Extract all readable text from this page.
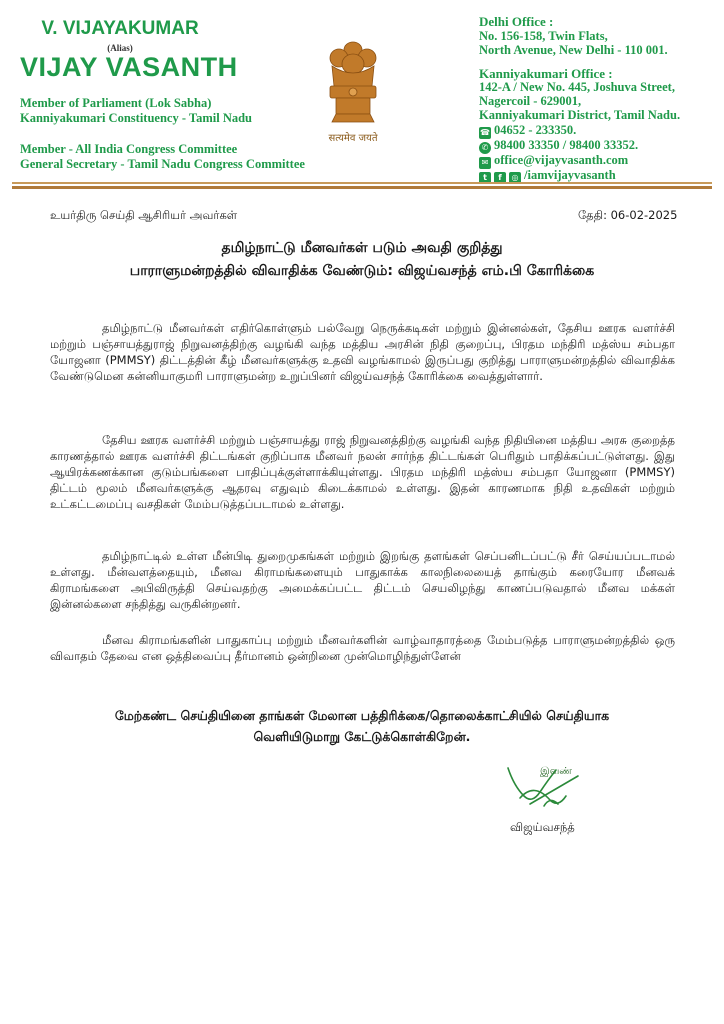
V. VIJAYAKUMAR
(Alias)
VIJAY VASANTH
Member of Parliament (Lok Sabha)
Kanniyakumari Constituency - Tamil Nadu
Member - All India Congress Committee
General Secretary - Tamil Nadu Congress Committee
सत्यमेव जयते
Delhi Office :
No. 156-158, Twin Flats,
North Avenue, New Delhi - 110 001.
Kanniyakumari Office :
142-A / New No. 445, Joshuva Street,
Nagercoil - 629001,
Kanniyakumari District, Tamil Nadu.
☎ 04652 - 233350.
✆ 98400 33350 / 98400 33352.
✉ office@vijayvasanth.com
t f ◎ /iamvijayvasanth
உயர்திரு செய்தி ஆசிரியர் அவர்கள்	தேதி: 06-02-2025
தமிழ்நாட்டு மீனவர்கள் படும் அவதி குறித்து
பாராளுமன்றத்தில் விவாதிக்க வேண்டும்: விஜய்வசந்த் எம்.பி கோரிக்கை
தமிழ்நாட்டு மீனவர்கள் எதிர்கொள்ளும் பல்வேறு நெருக்கடிகள் மற்றும் இன்னல்கள், தேசிய ஊரக வளர்ச்சி மற்றும் பஞ்சாயத்துராஜ் நிறுவனத்திற்கு வழங்கி வந்த மத்திய அரசின் நிதி குறைப்பு, பிரதம மந்திரி மத்ஸ்ய சம்பதா யோஜனா (PMMSY) திட்டத்தின் கீழ் மீனவர்களுக்கு உதவி வழங்காமல் இருப்பது குறித்து பாராளுமன்றத்தில் விவாதிக்க வேண்டுமென கன்னியாகுமரி பாராளுமன்ற உறுப்பினர் விஜய்வசந்த் கோரிக்கை வைத்துள்ளார்.
தேசிய ஊரக வளர்ச்சி மற்றும் பஞ்சாயத்து ராஜ் நிறுவனத்திற்கு வழங்கி வந்த நிதியினை மத்திய அரசு குறைத்த காரணத்தால் ஊரக வளர்ச்சி திட்டங்கள் குறிப்பாக மீனவர் நலன் சார்ந்த திட்டங்கள் பெரிதும் பாதிக்கப்பட்டுள்ளது. இது ஆயிரக்கணக்கான குடும்பங்களை பாதிப்புக்குள்ளாக்கியுள்ளது. பிரதம மந்திரி மத்ஸ்ய சம்பதா யோஜனா (PMMSY) திட்டம் மூலம் மீனவர்களுக்கு ஆதரவு எதுவும் கிடைக்காமல் உள்ளது. இதன் காரணமாக நிதி உதவிகள் மற்றும் உட்கட்டமைப்பு வசதிகள் மேம்படுத்தப்படாமல் உள்ளது.
தமிழ்நாட்டில் உள்ள மீன்பிடி துறைமுகங்கள் மற்றும் இறங்கு தளங்கள் செப்பனிடப்பட்டு சீர் செய்யப்படாமல் உள்ளது. மீன்வளத்தையும், மீனவ கிராமங்களையும் பாதுகாக்க காலநிலையைத் தாங்கும் கரையோர மீனவக் கிராமங்களை அபிவிருத்தி செய்வதற்கு அமைக்கப்பட்ட திட்டம் செயலிழந்து காணப்படுவதால் மீனவ மக்கள் இன்னல்களை சந்தித்து வருகின்றனர்.
மீனவ கிராமங்களின் பாதுகாப்பு மற்றும் மீனவர்களின் வாழ்வாதாரத்தை மேம்படுத்த பாராளுமன்றத்தில் ஒரு விவாதம் தேவை என ஒத்திவைப்பு தீர்மானம் ஒன்றினை முன்மொழிந்துள்ளேன்
மேற்கண்ட செய்தியினை தாங்கள் மேலான பத்திரிக்கை/தொலைக்காட்சியில் செய்தியாக
வெளியிடுமாறு கேட்டுக்கொள்கிறேன்.
இவண்
விஜய்வசந்த்
